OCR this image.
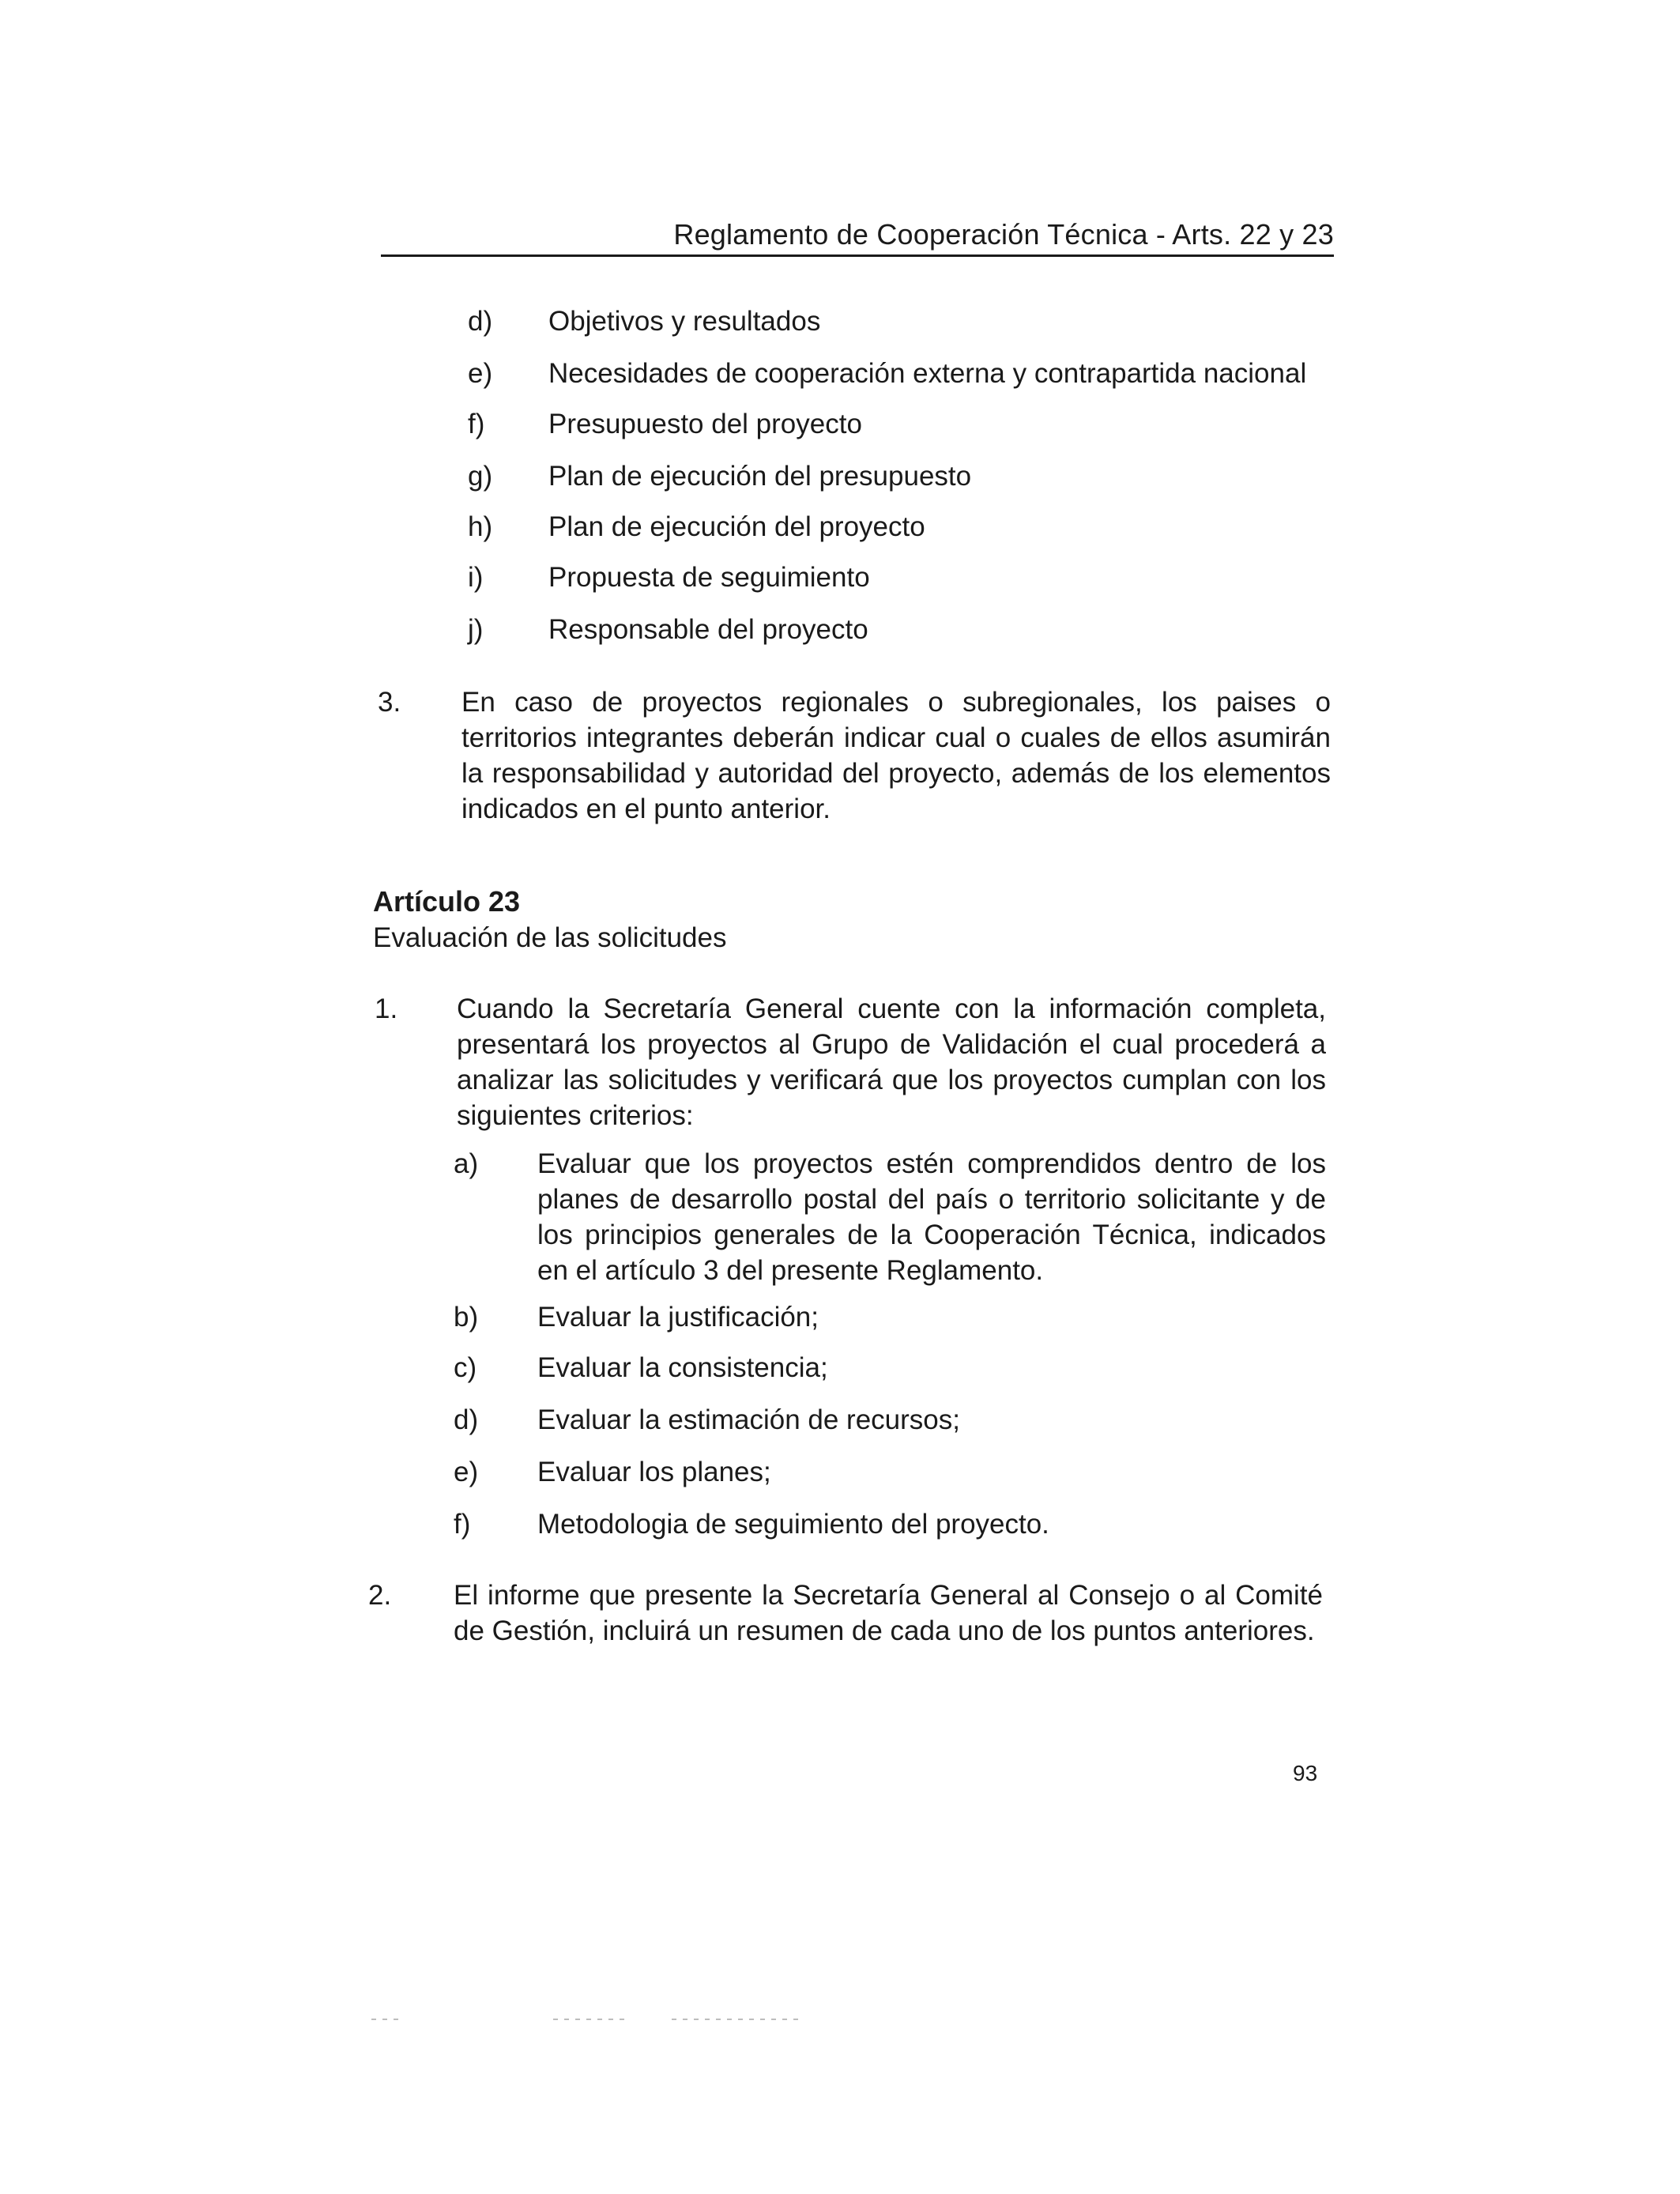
Reglamento de Cooperación Técnica - Arts. 22 y 23
d) Objetivos y resultados
e) Necesidades de cooperación externa y contrapartida nacional
f) Presupuesto del proyecto
g) Plan de ejecución del presupuesto
h) Plan de ejecución del proyecto
i) Propuesta de seguimiento
j) Responsable del proyecto
3. En caso de proyectos regionales o subregionales, los paises o territorios integrantes deberán indicar cual o cuales de ellos asumirán la responsabilidad y autoridad del proyecto, además de los elementos indicados en el punto anterior.
Artículo 23
Evaluación de las solicitudes
1. Cuando la Secretaría General cuente con la información completa, presentará los proyectos al Grupo de Validación el cual procederá a analizar las solicitudes y verificará que los proyectos cumplan con los siguientes criterios:
a) Evaluar que los proyectos estén comprendidos dentro de los planes de desarrollo postal del país o territorio solicitante y de los principios generales de la Cooperación Técnica, indicados en el artículo 3 del presente Reglamento.
b) Evaluar la justificación;
c) Evaluar la consistencia;
d) Evaluar la estimación de recursos;
e) Evaluar los planes;
f) Metodologia de seguimiento del proyecto.
2. El informe que presente la Secretaría General al Consejo o al Comité de Gestión, incluirá un resumen de cada uno de los puntos anteriores.
93
